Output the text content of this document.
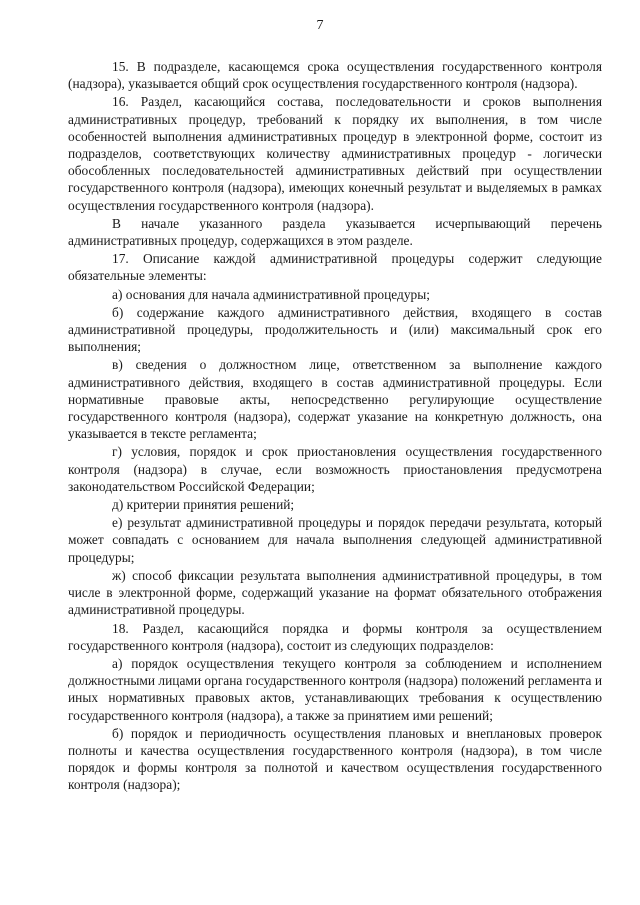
7

15. В подразделе, касающемся срока осуществления государственного контроля (надзора), указывается общий срок осуществления государственного контроля (надзора).

16. Раздел, касающийся состава, последовательности и сроков выполнения административных процедур, требований к порядку их выполнения, в том числе особенностей выполнения административных процедур в электронной форме, состоит из подразделов, соответствующих количеству административных процедур - логически обособленных последовательностей административных действий при осуществлении государственного контроля (надзора), имеющих конечный результат и выделяемых в рамках осуществления государственного контроля (надзора).

В начале указанного раздела указывается исчерпывающий перечень административных процедур, содержащихся в этом разделе.

17. Описание каждой административной процедуры содержит следующие обязательные элементы:

а) основания для начала административной процедуры;

б) содержание каждого административного действия, входящего в состав административной процедуры, продолжительность и (или) максимальный срок его выполнения;

в) сведения о должностном лице, ответственном за выполнение каждого административного действия, входящего в состав административной процедуры. Если нормативные правовые акты, непосредственно регулирующие осуществление государственного контроля (надзора), содержат указание на конкретную должность, она указывается в тексте регламента;

г) условия, порядок и срок приостановления осуществления государственного контроля (надзора) в случае, если возможность приостановления предусмотрена законодательством Российской Федерации;

д) критерии принятия решений;

е) результат административной процедуры и порядок передачи результата, который может совпадать с основанием для начала выполнения следующей административной процедуры;

ж) способ фиксации результата выполнения административной процедуры, в том числе в электронной форме, содержащий указание на формат обязательного отображения административной процедуры.

18. Раздел, касающийся порядка и формы контроля за осуществлением государственного контроля (надзора), состоит из следующих подразделов:

а) порядок осуществления текущего контроля за соблюдением и исполнением должностными лицами органа государственного контроля (надзора) положений регламента и иных нормативных правовых актов, устанавливающих требования к осуществлению государственного контроля (надзора), а также за принятием ими решений;

б) порядок и периодичность осуществления плановых и внеплановых проверок полноты и качества осуществления государственного контроля (надзора), в том числе порядок и формы контроля за полнотой и качеством осуществления государственного контроля (надзора);
